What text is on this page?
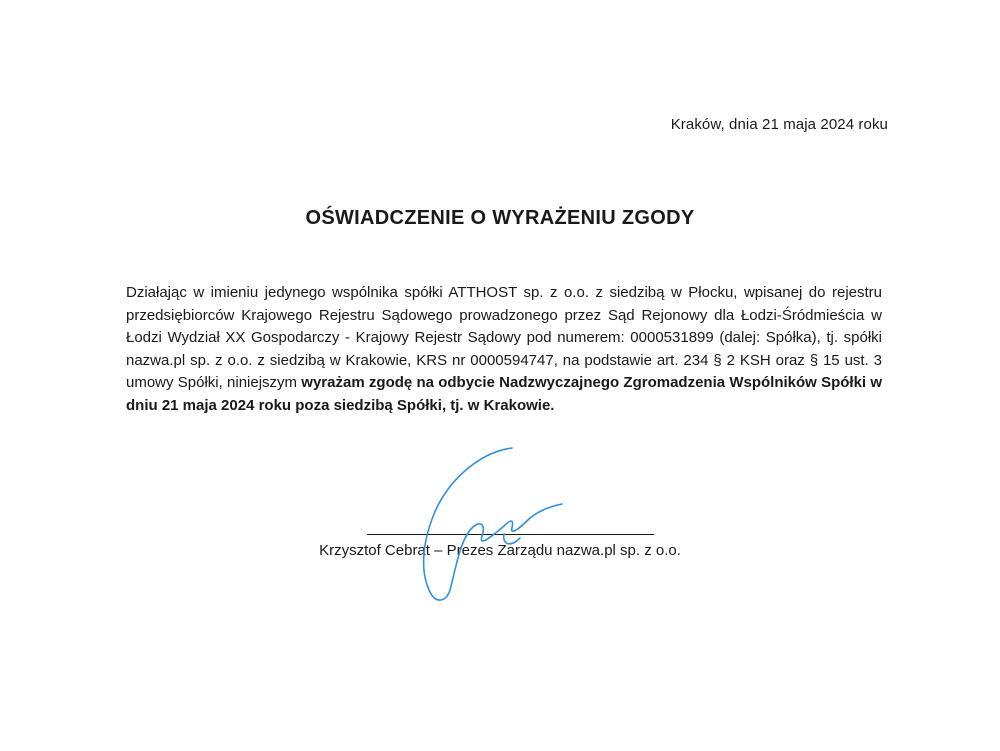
Kraków, dnia 21 maja 2024 roku
OŚWIADCZENIE O WYRAŻENIU ZGODY
Działając w imieniu jedynego wspólnika spółki ATTHOST sp. z o.o. z siedzibą w Płocku, wpisanej do rejestru przedsiębiorców Krajowego Rejestru Sądowego prowadzonego przez Sąd Rejonowy dla Łodzi-Śródmieścia w Łodzi Wydział XX Gospodarczy - Krajowy Rejestr Sądowy pod numerem: 0000531899 (dalej: Spółka), tj. spółki nazwa.pl sp. z o.o. z siedzibą w Krakowie, KRS nr 0000594747, na podstawie art. 234 § 2 KSH oraz § 15 ust. 3 umowy Spółki, niniejszym wyrażam zgodę na odbycie Nadzwyczajnego Zgromadzenia Wspólników Spółki w dniu 21 maja 2024 roku poza siedzibą Spółki, tj. w Krakowie.
Krzysztof Cebrat – Prezes Zarządu nazwa.pl sp. z o.o.
